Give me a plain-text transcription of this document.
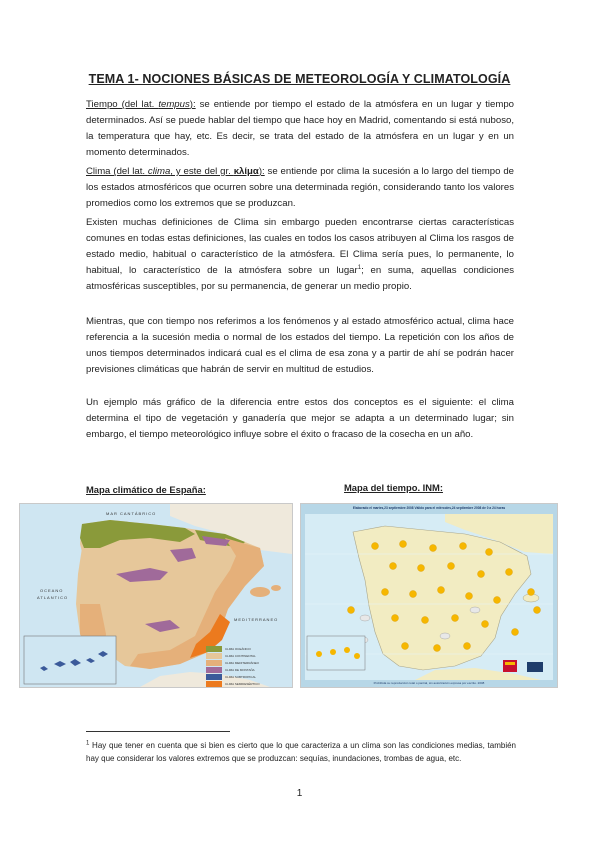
TEMA 1- NOCIONES BÁSICAS DE METEOROLOGÍA Y CLIMATOLOGÍA
Tiempo (del lat. tempus): se entiende por tiempo el estado de la atmósfera en un lugar y tiempo determinados. Así se puede hablar del tiempo que hace hoy en Madrid, comentando si está nuboso, la temperatura que hay, etc. Es decir, se trata del estado de la atmósfera en un lugar y en un momento determinados.
Clima (del lat. clima, y este del gr. κλίμα): se entiende por clima la sucesión a lo largo del tiempo de los estados atmosféricos que ocurren sobre una determinada región, considerando tanto los valores promedios como los extremos que se produzcan.
Existen muchas definiciones de Clima sin embargo pueden encontrarse ciertas características comunes en todas estas definiciones, las cuales en todos los casos atribuyen al Clima los rasgos de estado medio, habitual o característico de la atmósfera. El Clima sería pues, lo permanente, lo habitual, lo característico de la atmósfera sobre un lugar$^1$; en suma, aquellas condiciones atmosféricas susceptibles, por su permanencia, de generar un medio propio.
Mientras, que con tiempo nos referimos a los fenómenos y al estado atmosférico actual, clima hace referencia a la sucesión media o normal de los estados del tiempo. La repetición con los años de unos tiempos determinados indicará cual es el clima de esa zona y a partir de ahí se podrán hacer previsiones climáticas que habrán de servir en multitud de estudios.
Un ejemplo más gráfico de la diferencia entre estos dos conceptos es el siguiente: el clima determina el tipo de vegetación y ganadería que mejor se adapta a un determinado lugar; sin embargo, el tiempo meteorológico influye sobre el éxito o fracaso de la cosecha en un año.
Mapa climático de España:	Mapa del tiempo. INM:
MAR CANTÁBRICO
OCEANO
ATLANTICO
MEDITERRANEO
CLIMA OCEÁNICO
CLIMA CONTINENTAL
CLIMA MEDITERRÁNEO
CLIMA DE MONTAÑA
CLIMA SUBTROPICAL
CLIMA SEMIDESÉRTICO
Elaborado el martes,23 septiembre 2008 Válido para el miércoles,24 septiembre 2008 de 0 a 24 horas
Prohibida su reproducción total o parcial, sin autorización expresa por escrito. 2008
$^1$ Hay que tener en cuenta que si bien es cierto que lo que caracteriza a un clima son las condiciones medias, también hay que considerar los valores extremos que se produzcan: sequías, inundaciones, trombas de agua, etc.
1
